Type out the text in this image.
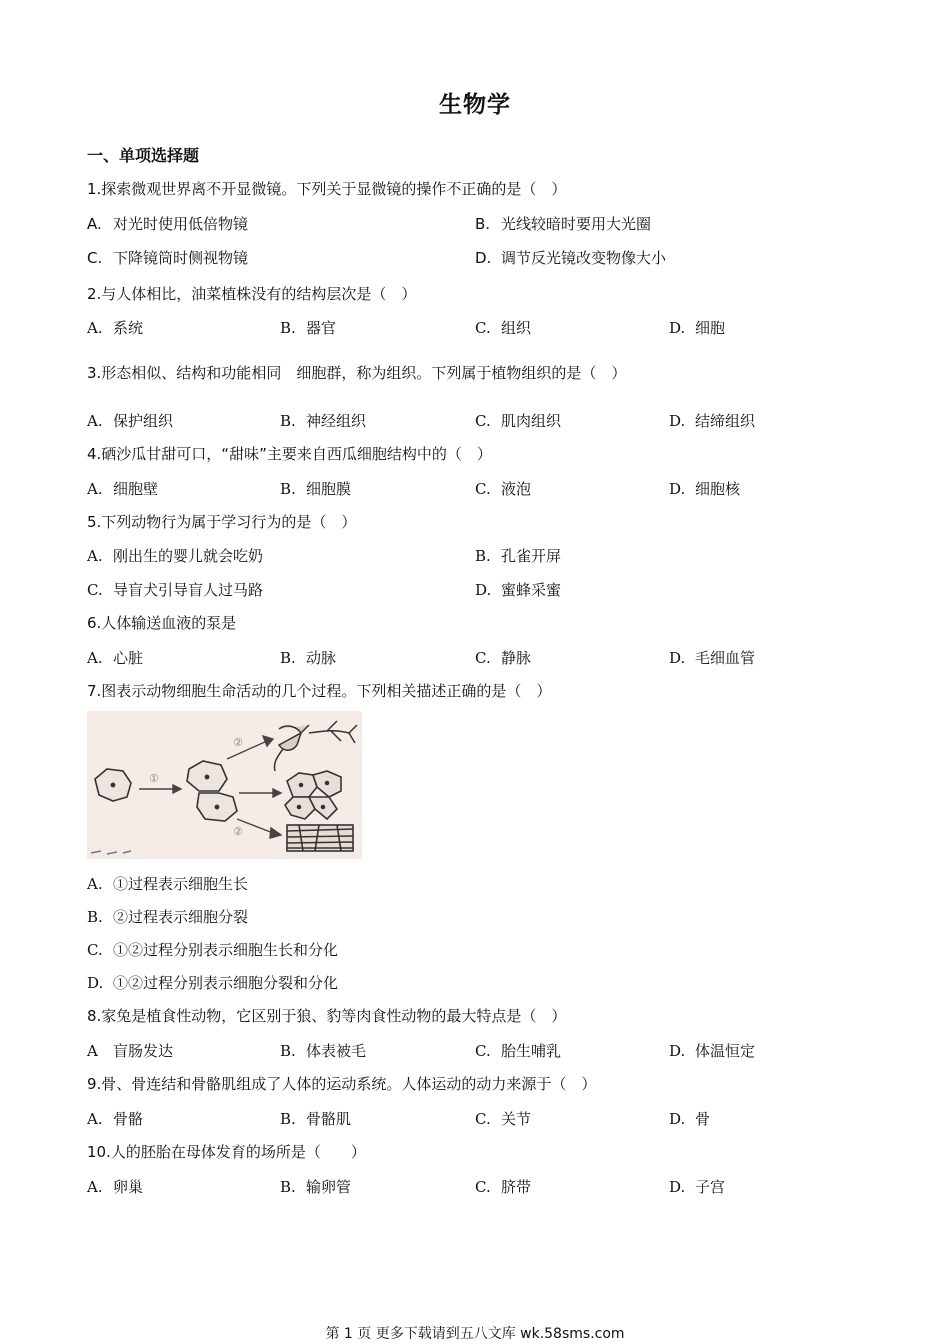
生物学
一、单项选择题
1.探索微观世界离不开显微镜。下列关于显微镜的操作不正确的是（　）
A. 对光时使用低倍物镜	B. 光线较暗时要用大光圈
C. 下降镜筒时侧视物镜	D. 调节反光镜改变物像大小
2.与人体相比，油菜植株没有的结构层次是（　）
A. 系统	B. 器官	C. 组织	D. 细胞
3.形态相似、结构和功能相同　细胞群，称为组织。下列属于植物组织的是（　）
A. 保护组织	B. 神经组织	C. 肌肉组织	D. 结缔组织
4.硒沙瓜甘甜可口，“甜味”主要来自西瓜细胞结构中的（　）
A. 细胞壁	B. 细胞膜	C. 液泡	D. 细胞核
5.下列动物行为属于学习行为的是（　）
A. 刚出生的婴儿就会吃奶	B. 孔雀开屏
C. 导盲犬引导盲人过马路	D. 蜜蜂采蜜
6.人体输送血液的泵是
A. 心脏	B. 动脉	C. 静脉	D. 毛细血管
7.图表示动物细胞生命活动的几个过程。下列相关描述正确的是（　）
①
②
②
A. ①过程表示细胞生长
B. ②过程表示细胞分裂
C. ①②过程分别表示细胞生长和分化
D. ①②过程分别表示细胞分裂和分化
8.家兔是植食性动物，它区别于狼、豹等肉食性动物的最大特点是（　）
A 盲肠发达	B. 体表被毛	C. 胎生哺乳	D. 体温恒定
9.骨、骨连结和骨骼肌组成了人体的运动系统。人体运动的动力来源于（　）
A. 骨骼	B. 骨骼肌	C. 关节	D. 骨
10.人的胚胎在母体发育的场所是（　　）
A. 卵巢	B. 输卵管	C. 脐带	D. 子宫
第 1 页 更多下载请到五八文库 wk.58sms.com
